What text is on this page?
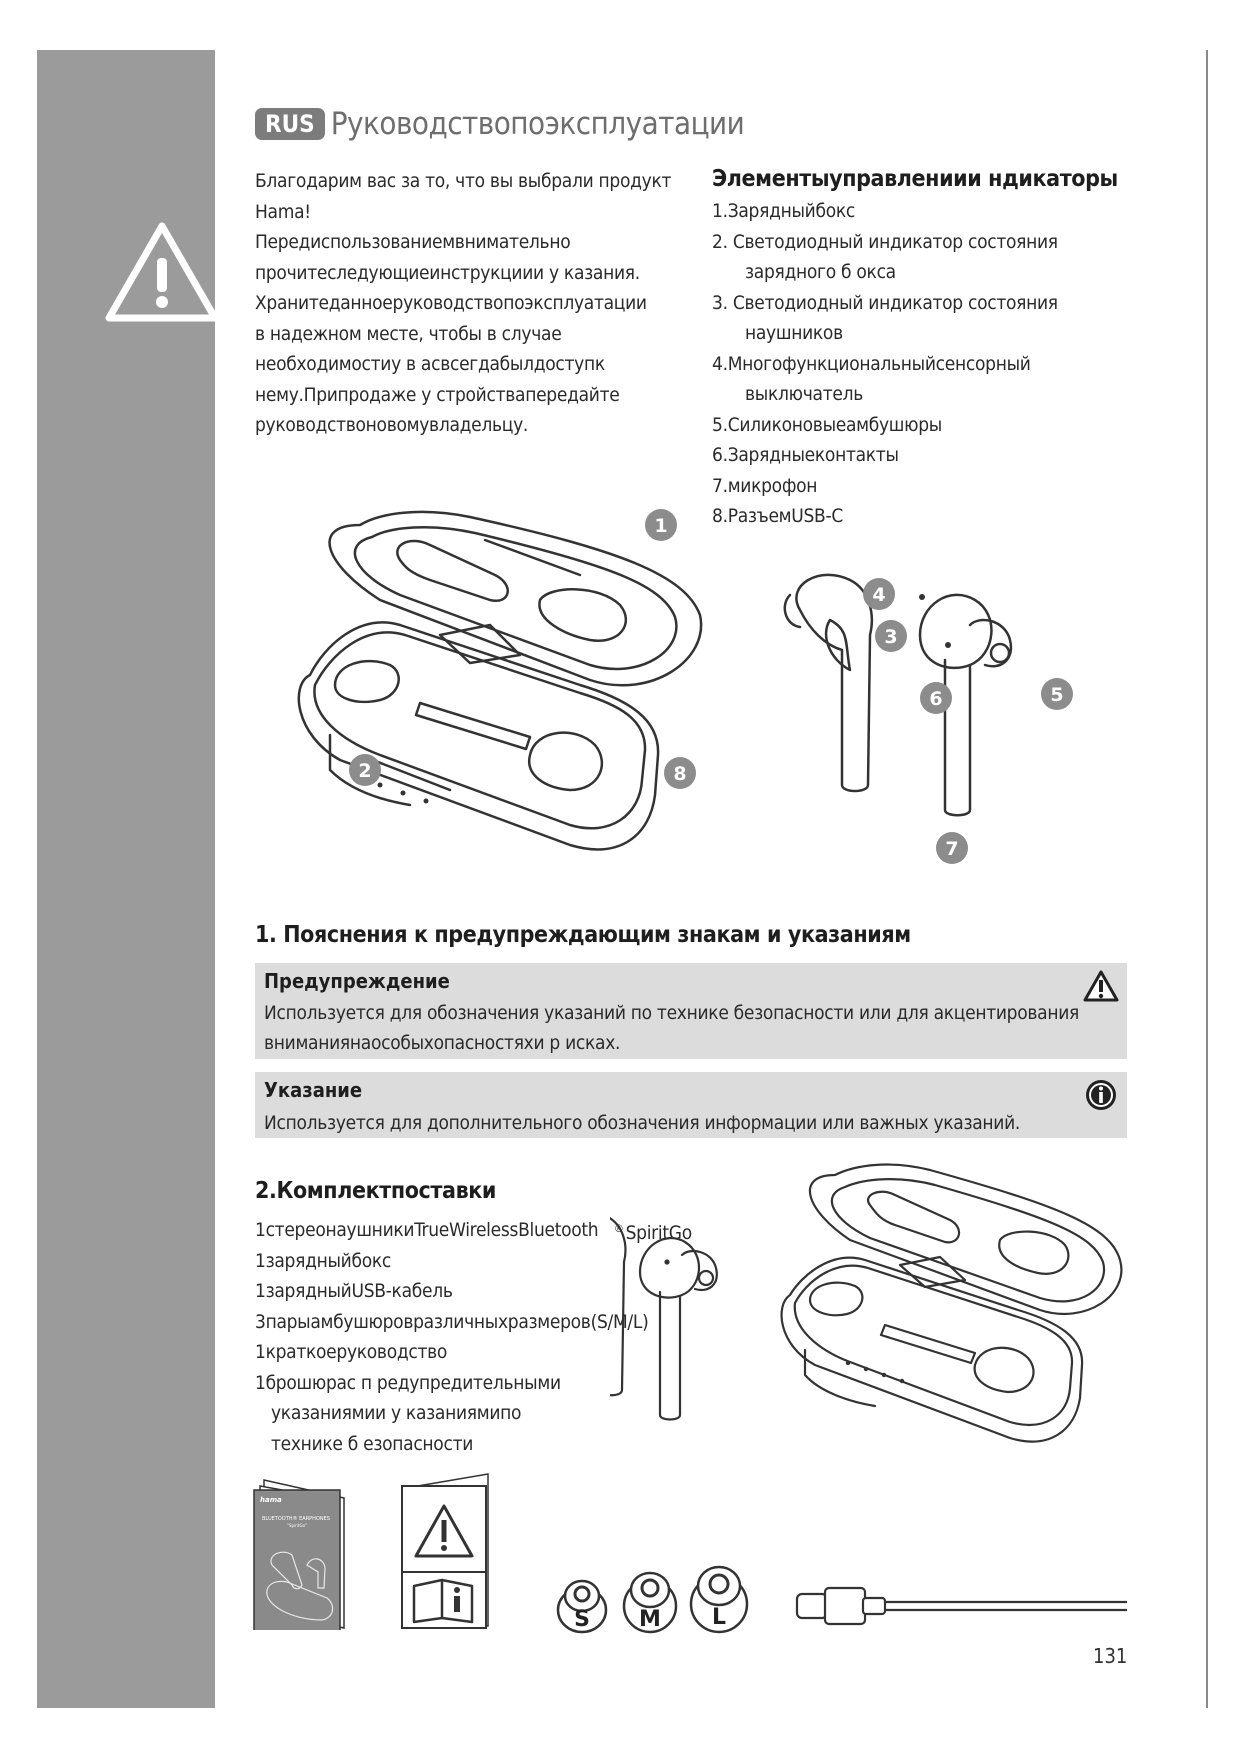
RUS Руководствопоэксплуатации
Благодарим вас за то, что вы выбрали продукт
Hama!
Передиспользованиемвнимательно
прочитеследующиеинструкциии у казания.
Хранитеданноеруководствопоэксплуатации
в надежном месте, чтобы в случае
необходимостиу в асвсегдабылдоступк
нему.Припродаже у стройствапередайте
руководствоновомувладельцу.
Элементыуправлениии ндикаторы
1.Зарядныйбокс
2. Светодиодный индикатор состояния
зарядного б окса
3. Светодиодный индикатор состояния
наушников
4.Многофункциональныйсенсорный
выключатель
5.Силиконовыеамбушюры
6.Зарядныеконтакты
7.микрофон
8.РазъемUSB-C
1
2	8
4
3
6	5
7
1. Пояснения к предупреждающим знакам и указаниям
Предупреждение
Используется для обозначения указаний по технике безопасности или для акцентирования
вниманиянаособыхопасностяхи р исках.
Указание
Используется для дополнительного обозначения информации или важных указаний.
2.Комплектпоставки
1стереонаушникиTrueWirelessBluetooth
1зарядныйбокс
1зарядныйUSB-кабель
3парыамбушюровразличныхразмеров(S/M/L)
1краткоеруководство
1брошюрас п редупредительными
указаниямии у казаниямипо
технике б езопасности
® SpiritGo
hama
BLUETOOTH® EARPHONES
"SpiritGo"
S M L
131
